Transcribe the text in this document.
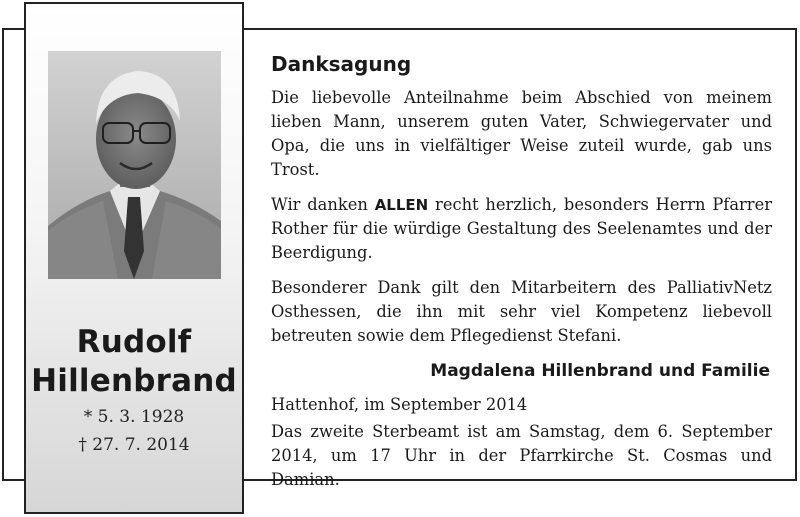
Rudolf
Hillenbrand
* 5. 3. 1928
† 27. 7. 2014
Danksagung

Die liebevolle Anteilnahme beim Abschied von meinem lieben Mann, unserem guten Vater, Schwiegervater und Opa, die uns in vielfältiger Weise zuteil wurde, gab uns Trost.

Wir danken ALLEN recht herzlich, besonders Herrn Pfarrer Rother für die würdige Gestaltung des Seelenamtes und der Beerdigung.

Besonderer Dank gilt den Mitarbeitern des PalliativNetz Osthessen, die ihn mit sehr viel Kompetenz liebevoll betreuten sowie dem Pflegedienst Stefani.

Magdalena Hillenbrand und Familie
Hattenhof, im September 2014

Das zweite Sterbeamt ist am Samstag, dem 6. September 2014, um 17 Uhr in der Pfarrkirche St. Cosmas und Damian.
